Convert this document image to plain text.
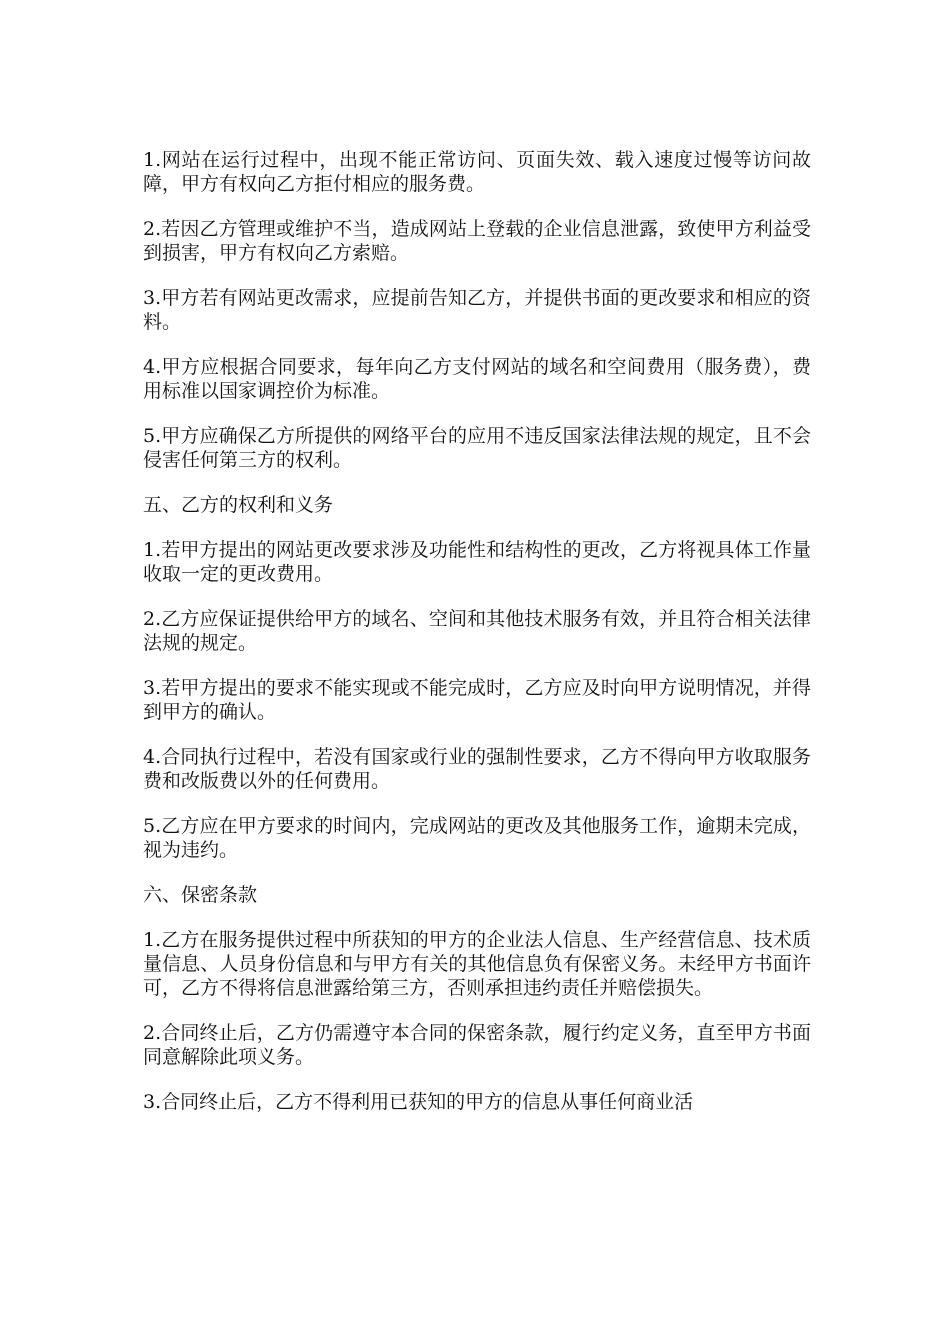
1.网站在运行过程中，出现不能正常访问、页面失效、载入速度过慢等访问故障，甲方有权向乙方拒付相应的服务费。

2.若因乙方管理或维护不当，造成网站上登载的企业信息泄露，致使甲方利益受到损害，甲方有权向乙方索赔。

3.甲方若有网站更改需求，应提前告知乙方，并提供书面的更改要求和相应的资料。

4.甲方应根据合同要求，每年向乙方支付网站的域名和空间费用（服务费），费用标准以国家调控价为标准。

5.甲方应确保乙方所提供的网络平台的应用不违反国家法律法规的规定，且不会侵害任何第三方的权利。

五、乙方的权利和义务

1.若甲方提出的网站更改要求涉及功能性和结构性的更改，乙方将视具体工作量收取一定的更改费用。

2.乙方应保证提供给甲方的域名、空间和其他技术服务有效，并且符合相关法律法规的规定。

3.若甲方提出的要求不能实现或不能完成时，乙方应及时向甲方说明情况，并得到甲方的确认。

4.合同执行过程中，若没有国家或行业的强制性要求，乙方不得向甲方收取服务费和改版费以外的任何费用。

5.乙方应在甲方要求的时间内，完成网站的更改及其他服务工作，逾期未完成，视为违约。

六、保密条款

1.乙方在服务提供过程中所获知的甲方的企业法人信息、生产经营信息、技术质量信息、人员身份信息和与甲方有关的其他信息负有保密义务。未经甲方书面许可，乙方不得将信息泄露给第三方，否则承担违约责任并赔偿损失。

2.合同终止后，乙方仍需遵守本合同的保密条款，履行约定义务，直至甲方书面同意解除此项义务。

3.合同终止后，乙方不得利用已获知的甲方的信息从事任何商业活
